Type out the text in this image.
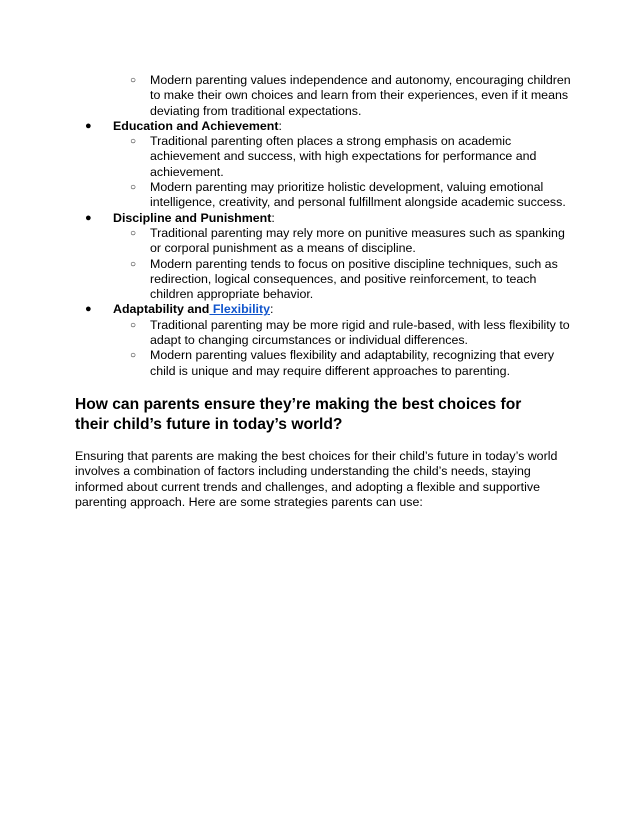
○ Modern parenting values independence and autonomy, encouraging children to make their own choices and learn from their experiences, even if it means deviating from traditional expectations.
● Education and Achievement:
○ Traditional parenting often places a strong emphasis on academic achievement and success, with high expectations for performance and achievement.
○ Modern parenting may prioritize holistic development, valuing emotional intelligence, creativity, and personal fulfillment alongside academic success.
● Discipline and Punishment:
○ Traditional parenting may rely more on punitive measures such as spanking or corporal punishment as a means of discipline.
○ Modern parenting tends to focus on positive discipline techniques, such as redirection, logical consequences, and positive reinforcement, to teach children appropriate behavior.
● Adaptability and Flexibility:
○ Traditional parenting may be more rigid and rule-based, with less flexibility to adapt to changing circumstances or individual differences.
○ Modern parenting values flexibility and adaptability, recognizing that every child is unique and may require different approaches to parenting.
How can parents ensure they’re making the best choices for their child’s future in today’s world?

Ensuring that parents are making the best choices for their child’s future in today’s world involves a combination of factors including understanding the child’s needs, staying informed about current trends and challenges, and adopting a flexible and supportive parenting approach. Here are some strategies parents can use:
